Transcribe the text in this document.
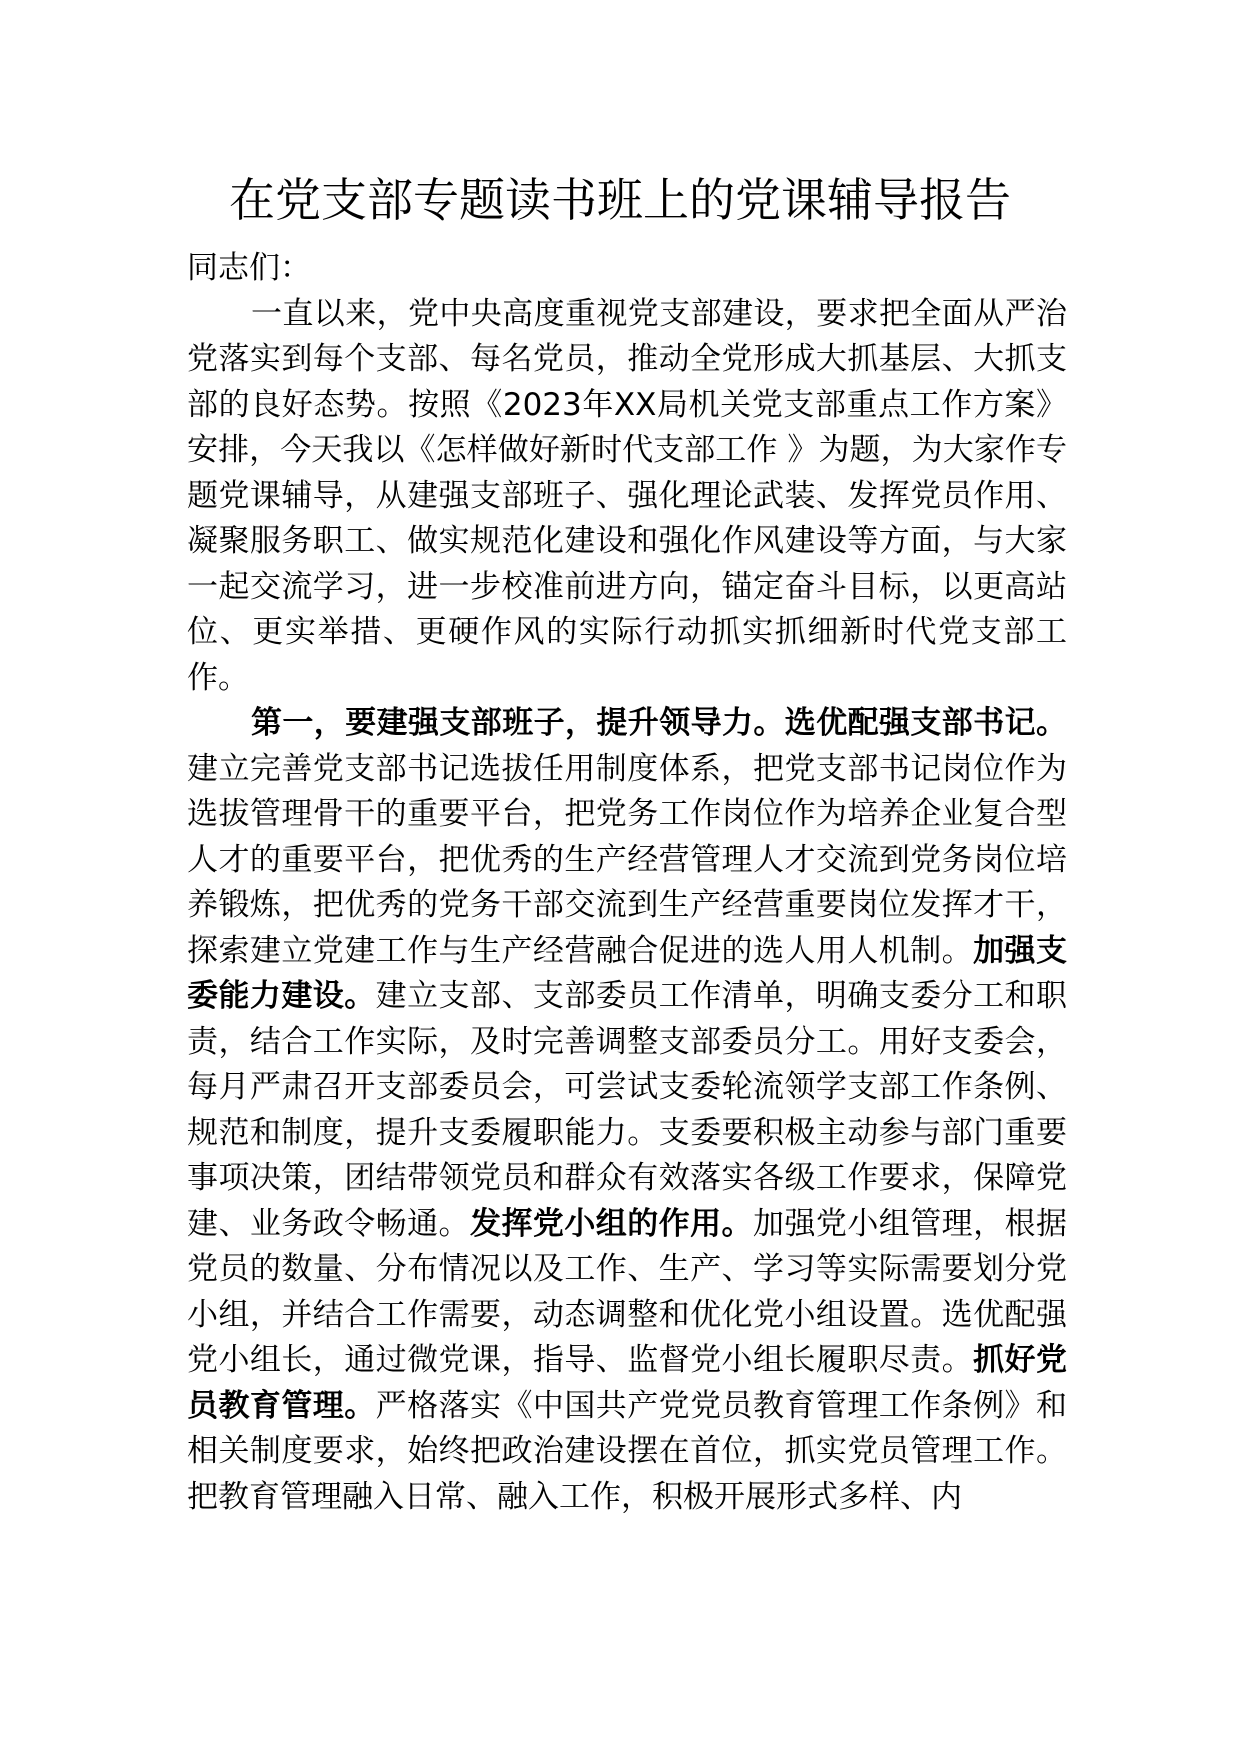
在党支部专题读书班上的党课辅导报告

同志们：

一直以来，党中央高度重视党支部建设，要求把全面从严治党落实到每个支部、每名党员，推动全党形成大抓基层、大抓支部的良好态势。按照《2023年XX局机关党支部重点工作方案》安排，今天我以《怎样做好新时代支部工作 》为题，为大家作专题党课辅导，从建强支部班子、强化理论武装、发挥党员作用、凝聚服务职工、做实规范化建设和强化作风建设等方面，与大家一起交流学习，进一步校准前进方向，锚定奋斗目标，以更高站位、更实举措、更硬作风的实际行动抓实抓细新时代党支部工作。

第一，要建强支部班子，提升领导力。选优配强支部书记。建立完善党支部书记选拔任用制度体系，把党支部书记岗位作为选拔管理骨干的重要平台，把党务工作岗位作为培养企业复合型人才的重要平台，把优秀的生产经营管理人才交流到党务岗位培养锻炼，把优秀的党务干部交流到生产经营重要岗位发挥才干，探索建立党建工作与生产经营融合促进的选人用人机制。加强支委能力建设。建立支部、支部委员工作清单，明确支委分工和职责，结合工作实际，及时完善调整支部委员分工。用好支委会，每月严肃召开支部委员会，可尝试支委轮流领学支部工作条例、规范和制度，提升支委履职能力。支委要积极主动参与部门重要事项决策，团结带领党员和群众有效落实各级工作要求，保障党建、业务政令畅通。发挥党小组的作用。加强党小组管理，根据党员的数量、分布情况以及工作、生产、学习等实际需要划分党小组，并结合工作需要，动态调整和优化党小组设置。选优配强党小组长，通过微党课，指导、监督党小组长履职尽责。抓好党员教育管理。严格落实《中国共产党党员教育管理工作条例》和相关制度要求，始终把政治建设摆在首位，抓实党员管理工作。把教育管理融入日常、融入工作，积极开展形式多样、内
